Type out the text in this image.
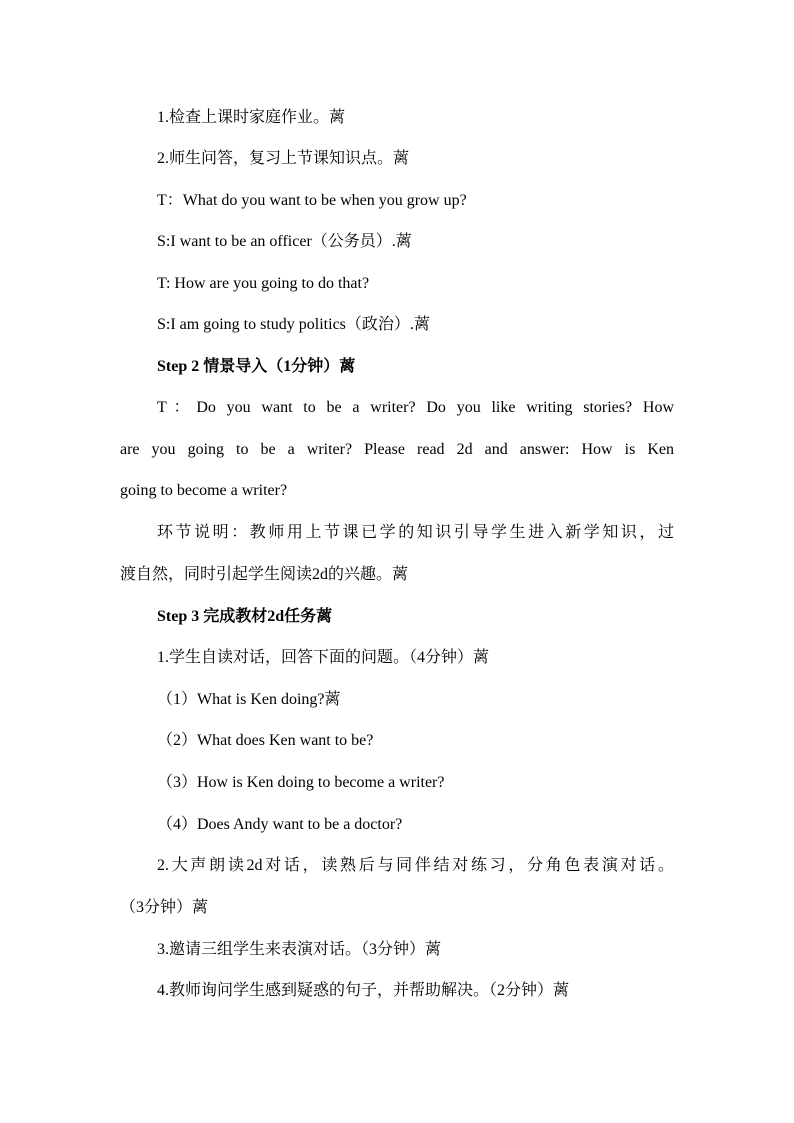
1.检查上课时家庭作业。蓠
2.师生问答，复习上节课知识点。蓠
T：What do you want to be when you grow up?
S:I want to be an officer（公务员）.蓠
T: How are you going to do that?
S:I am going to study politics（政治）.蓠
Step 2 情景导入（1分钟）蓠
T：Do you want to be a writer? Do you like writing stories? How
are you going to be a writer? Please read 2d and answer: How is Ken
going to become a writer?
环节说明：教师用上节课已学的知识引导学生进入新学知识，过
渡自然，同时引起学生阅读2d的兴趣。蓠
Step 3 完成教材2d任务蓠
1.学生自读对话，回答下面的问题。（4分钟）蓠
（1）What is Ken doing?蓠
（2）What does Ken want to be?
（3）How is Ken doing to become a writer?
（4）Does Andy want to be a doctor?
2.大声朗读2d对话，读熟后与同伴结对练习，分角色表演对话。
（3分钟）蓠
3.邀请三组学生来表演对话。（3分钟）蓠
4.教师询问学生感到疑惑的句子，并帮助解决。（2分钟）蓠
